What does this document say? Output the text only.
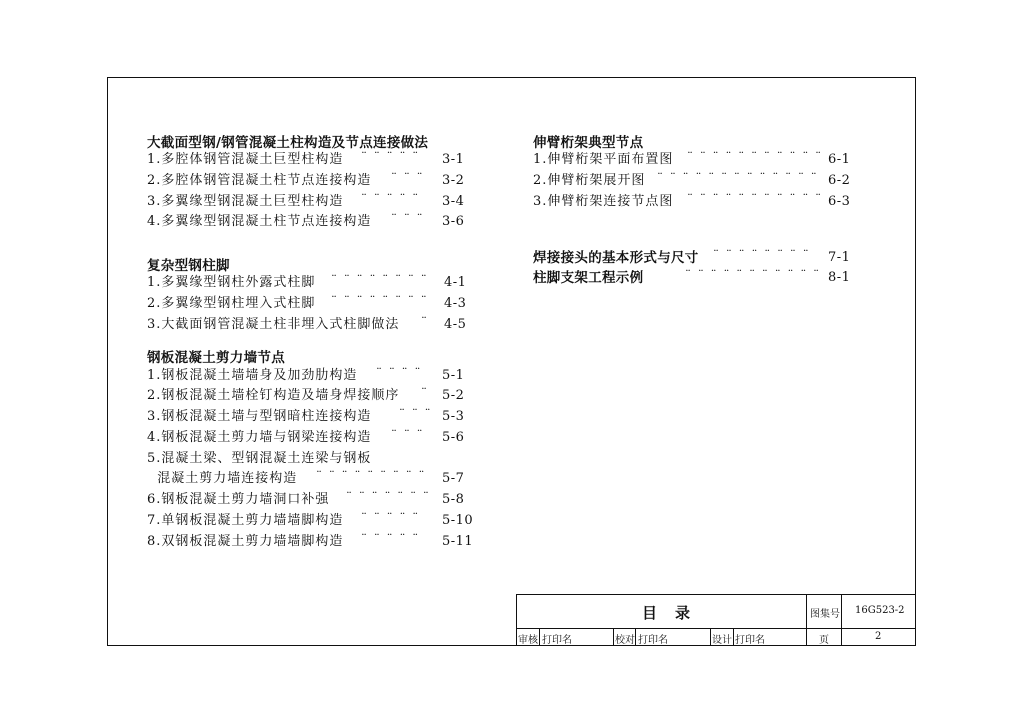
大截面型钢/钢管混凝土柱构造及节点连接做法
1.多腔体钢管混凝土巨型柱构造 ¨ ¨ ¨ ¨ ¨ 3-1
2.多腔体钢管混凝土柱节点连接构造 ¨ ¨ ¨ 3-2
3.多翼缘型钢混凝土巨型柱构造 ¨ ¨ ¨ ¨ ¨ 3-4
4.多翼缘型钢混凝土柱节点连接构造 ¨ ¨ ¨ 3-6
复杂型钢柱脚
1.多翼缘型钢柱外露式柱脚 ¨ ¨ ¨ ¨ ¨ ¨ ¨ ¨ 4-1
2.多翼缘型钢柱埋入式柱脚 ¨ ¨ ¨ ¨ ¨ ¨ ¨ ¨ 4-3
3.大截面钢管混凝土柱非埋入式柱脚做法 ¨ 4-5
钢板混凝土剪力墙节点
1.钢板混凝土墙墙身及加劲肋构造 ¨ ¨ ¨ ¨ 5-1
2.钢板混凝土墙栓钉构造及墙身焊接顺序 ¨ 5-2
3.钢板混凝土墙与型钢暗柱连接构造 ¨ ¨ ¨ 5-3
4.钢板混凝土剪力墙与钢梁连接构造 ¨ ¨ ¨ 5-6
5.混凝土梁、型钢混凝土连梁与钢板
混凝土剪力墙连接构造 ¨ ¨ ¨ ¨ ¨ ¨ ¨ ¨ ¨ 5-7
6.钢板混凝土剪力墙洞口补强 ¨ ¨ ¨ ¨ ¨ ¨ ¨ 5-8
7.单钢板混凝土剪力墙墙脚构造 ¨ ¨ ¨ ¨ ¨ 5-10
8.双钢板混凝土剪力墙墙脚构造 ¨ ¨ ¨ ¨ ¨ 5-11
伸臂桁架典型节点
1.伸臂桁架平面布置图 ¨ ¨ ¨ ¨ ¨ ¨ ¨ ¨ ¨ ¨ ¨ 6-1
2.伸臂桁架展开图 ¨ ¨ ¨ ¨ ¨ ¨ ¨ ¨ ¨ ¨ ¨ ¨ ¨ 6-2
3.伸臂桁架连接节点图 ¨ ¨ ¨ ¨ ¨ ¨ ¨ ¨ ¨ ¨ ¨ 6-3
焊接接头的基本形式与尺寸 ¨ ¨ ¨ ¨ ¨ ¨ ¨ ¨ 7-1
柱脚支架工程示例	¨ ¨ ¨ ¨ ¨ ¨ ¨ ¨ ¨ ¨ ¨ 8-1
目录	图集号 16G523-2
审核 打印名	校对 打印名	设计 打印名	页	2
